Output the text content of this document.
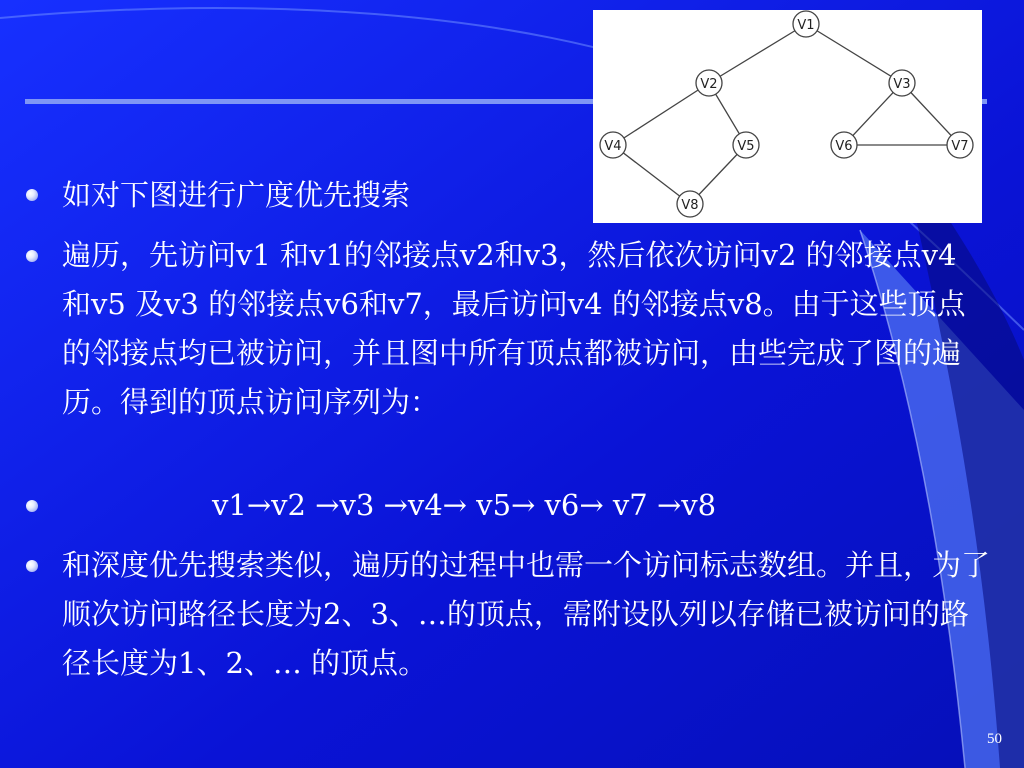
V1
V2	V3
V4	V5	V6	V7
V8

如对下图进行广度优先搜索

遍历，先访问v1 和v1的邻接点v2和v3，然后依次访问v2 的邻接点v4 和v5 及v3 的邻接点v6和v7，最后访问v4 的邻接点v8。由于这些顶点的邻接点均已被访问，并且图中所有顶点都被访问，由些完成了图的遍历。得到的顶点访问序列为：

v1→v2 →v3 →v4→ v5→ v6→ v7 →v8

和深度优先搜索类似，遍历的过程中也需一个访问标志数组。并且，为了顺次访问路径长度为2、3、…的顶点，需附设队列以存储已被访问的路径长度为1、2、… 的顶点。

50
